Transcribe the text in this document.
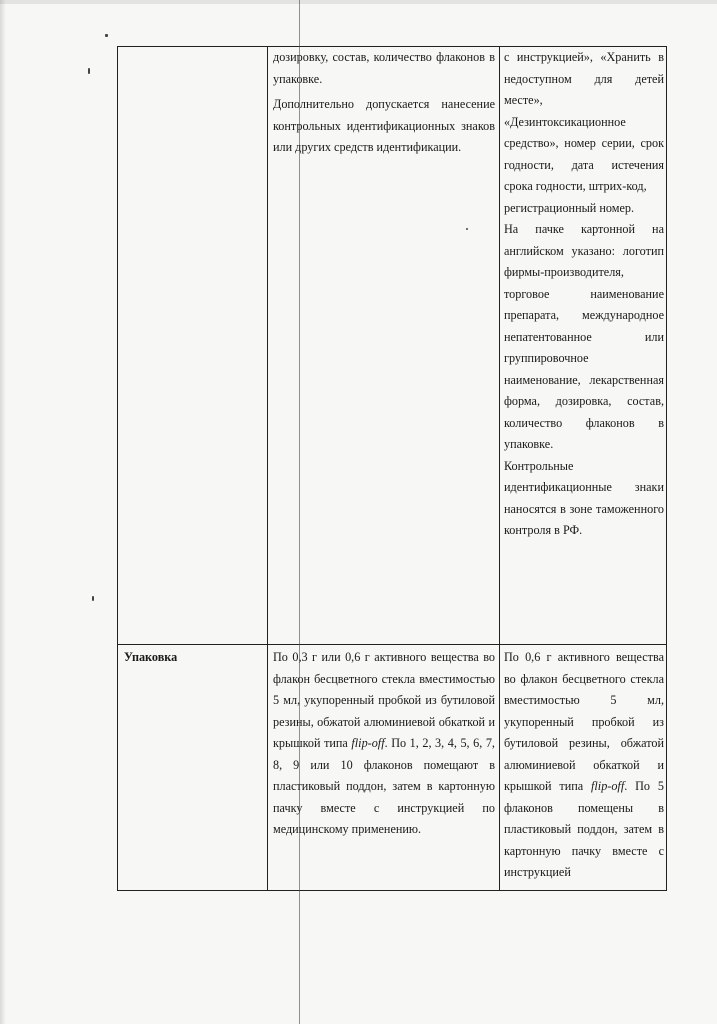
дозировку, состав, количество флаконов в упаковке.

Дополнительно допускается нанесение контрольных идентификационных знаков или других средств идентификации.

с инструкцией», «Хранить в недоступном для детей месте»,

«Дезинтоксикационное средство», номер серии, срок годности, дата истечения срока годности, штрих-код,

регистрационный номер.

На пачке картонной на английском указано: логотип фирмы-производителя, торговое наименование препарата, международное непатентованное или группировочное наименование, лекарственная форма, дозировка, состав, количество флаконов в упаковке.

Контрольные идентификационные знаки наносятся в зоне таможенного контроля в РФ.

Упаковка	По 0,3 г или 0,6 г активного вещества во флакон бесцветного стекла вместимостью 5 мл, укупоренный пробкой из бутиловой резины, обжатой алюминиевой обкаткой и крышкой типа flip-off. По 1, 2, 3, 4, 5, 6, 7, 8, 9 или 10 флаконов помещают в пластиковый поддон, затем в картонную пачку вместе с инструкцией по медицинскому применению.

По 0,6 г активного вещества во флакон бесцветного стекла вместимостью 5 мл, укупоренный пробкой из бутиловой резины, обжатой алюминиевой обкаткой и крышкой типа flip-off. По 5 флаконов помещены в пластиковый поддон, затем в картонную пачку вместе с инструкцией
